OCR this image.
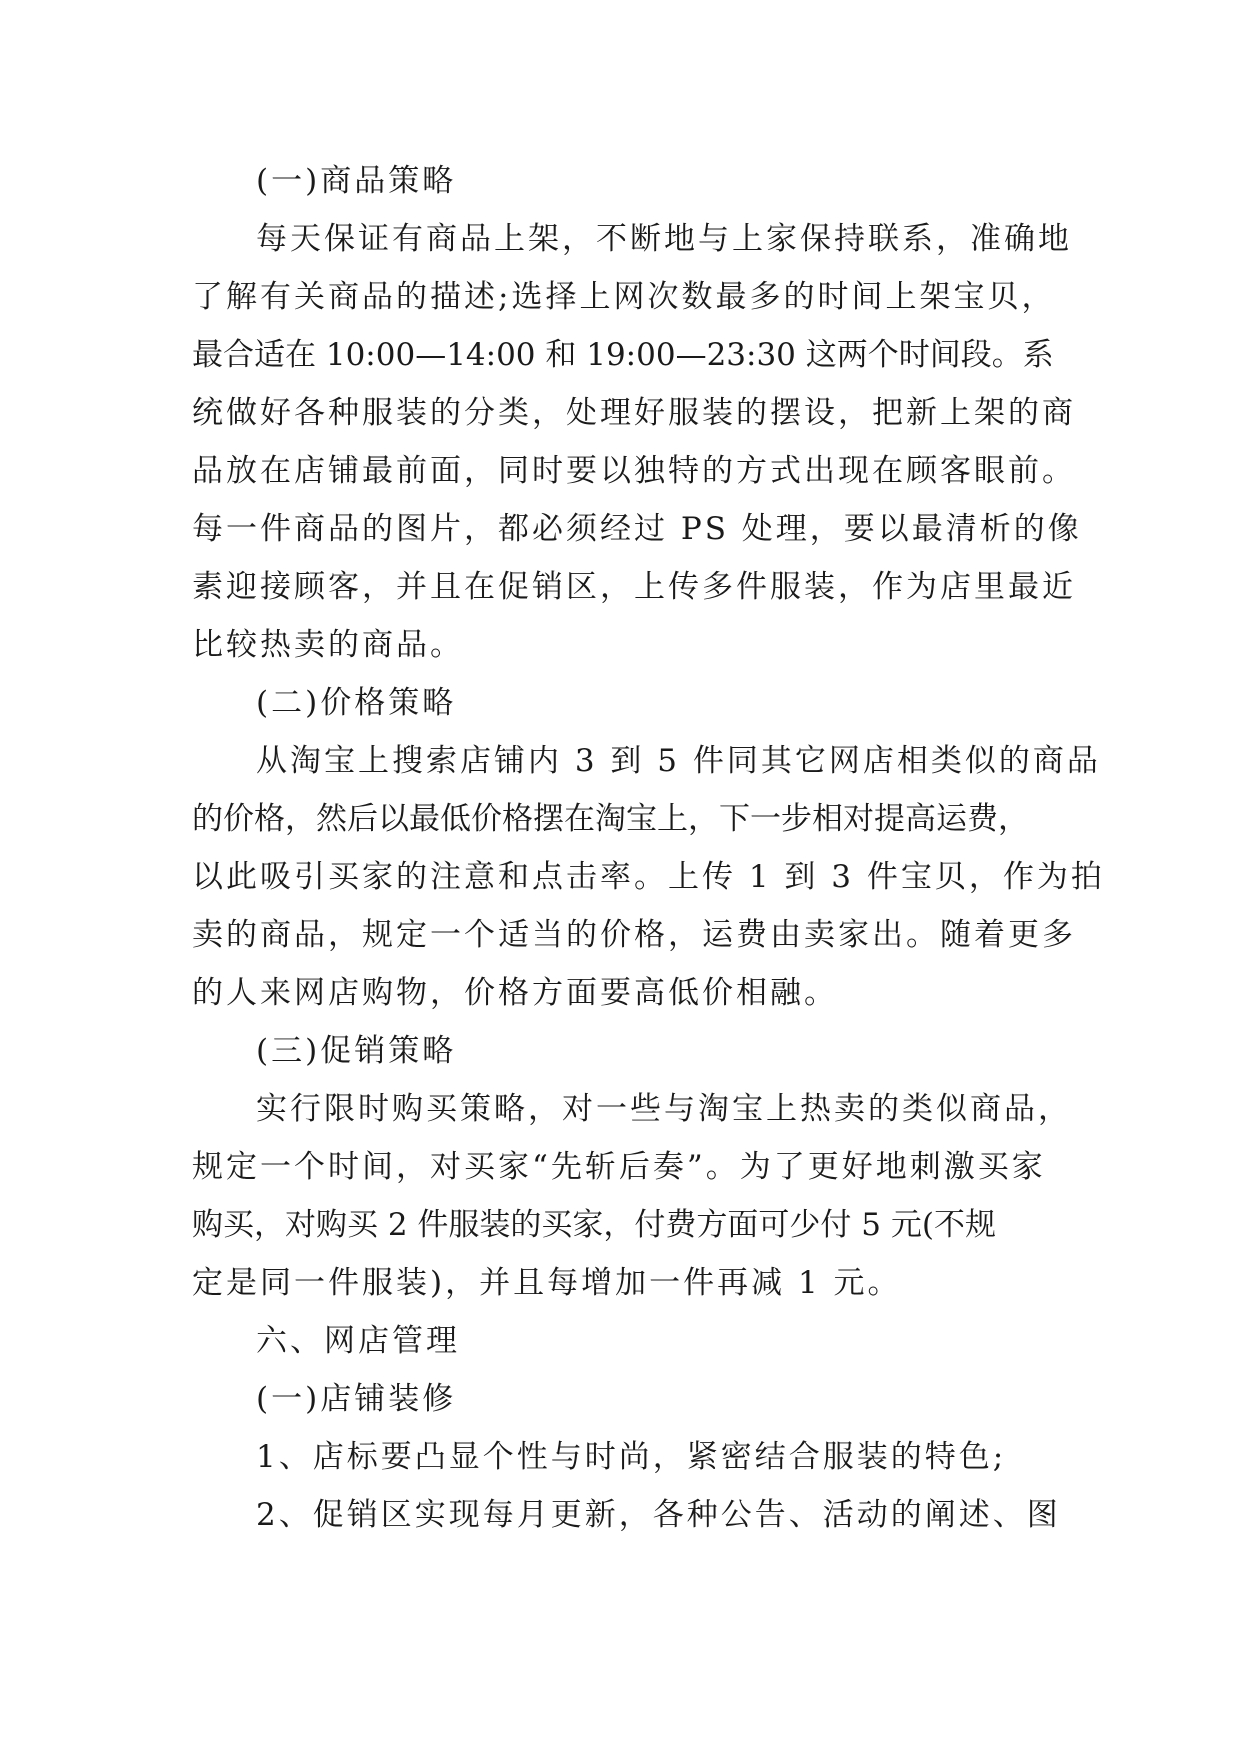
(一)商品策略
每天保证有商品上架，不断地与上家保持联系，准确地
了解有关商品的描述;选择上网次数最多的时间上架宝贝，
最合适在 10:00—14:00 和 19:00—23:30 这两个时间段。系
统做好各种服装的分类，处理好服装的摆设，把新上架的商
品放在店铺最前面，同时要以独特的方式出现在顾客眼前。
每一件商品的图片，都必须经过 PS 处理，要以最清析的像
素迎接顾客，并且在促销区，上传多件服装，作为店里最近
比较热卖的商品。
(二)价格策略
从淘宝上搜索店铺内 3 到 5 件同其它网店相类似的商品
的价格，然后以最低价格摆在淘宝上，下一步相对提高运费，
以此吸引买家的注意和点击率。上传 1 到 3 件宝贝，作为拍
卖的商品，规定一个适当的价格，运费由卖家出。随着更多
的人来网店购物，价格方面要高低价相融。
(三)促销策略
实行限时购买策略，对一些与淘宝上热卖的类似商品，
规定一个时间，对买家“先斩后奏”。为了更好地刺激买家
购买，对购买 2 件服装的买家，付费方面可少付 5 元(不规
定是同一件服装)，并且每增加一件再减 1 元。
六、网店管理
(一)店铺装修
1、店标要凸显个性与时尚，紧密结合服装的特色;
2、促销区实现每月更新，各种公告、活动的阐述、图
